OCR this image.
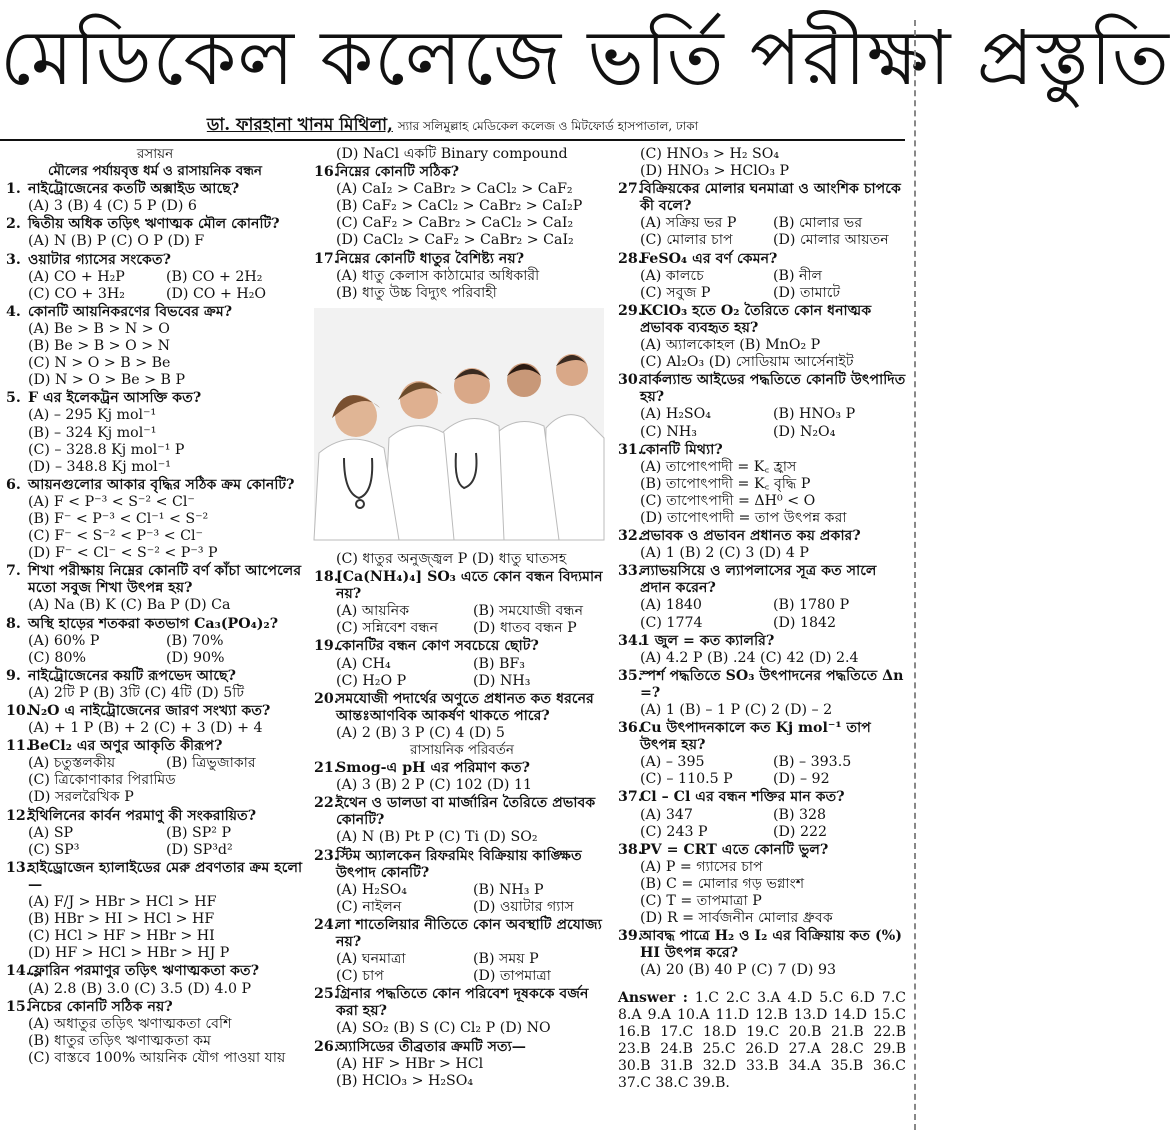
মেডিকেল কলেজে ভর্তি পরীক্ষা প্রস্তুতি
ডা. ফারহানা খানম মিথিলা, স্যার সলিমুল্লাহ মেডিকেল কলেজ ও মিটফোর্ড হাসপাতাল, ঢাকা
রসায়ন
মৌলের পর্যায়বৃত্ত ধর্ম ও রাসায়নিক বন্ধন
1. নাইট্রোজেনের কতটি অক্সাইড আছে?
(A) 3 (B) 4 (C) 5 P (D) 6
2. দ্বিতীয় অধিক তড়িৎ ঋণাত্মক মৌল কোনটি?
(A) N (B) P (C) O P (D) F
3. ওয়াটার গ্যাসের সংকেত?
(A) CO + H₂P	(B) CO + 2H₂
(C) CO + 3H₂	(D) CO + H₂O
4. কোনটি আয়নিকরণের বিভবের ক্রম?
(A) Be > B > N > O
(B) Be > B > O > N
(C) N > O > B > Be
(D) N > O > Be > B P
5. F এর ইলেকট্রন আসক্তি কত?
(A) – 295 Kj mol⁻¹
(B) – 324 Kj mol⁻¹
(C) – 328.8 Kj mol⁻¹ P
(D) – 348.8 Kj mol⁻¹
6. আয়নগুলোর আকার বৃদ্ধির সঠিক ক্রম কোনটি?
(A) F < P⁻³ < S⁻² < Cl⁻
(B) F⁻ < P⁻³ < Cl⁻¹ < S⁻²
(C) F⁻ < S⁻² < P⁻³ < Cl⁻
(D) F⁻ < Cl⁻ < S⁻² < P⁻³ P
7. শিখা পরীক্ষায় নিম্নের কোনটি বর্ণ কাঁচা আপেলের মতো সবুজ শিখা উৎপন্ন হয়?
(A) Na (B) K (C) Ba P (D) Ca
8. অস্থি হাড়ের শতকরা কতভাগ Ca₃(PO₄)₂?
(A) 60% P	(B) 70%
(C) 80%	(D) 90%
9. নাইট্রোজেনের কয়টি রূপভেদ আছে?
(A) 2টি P (B) 3টি (C) 4টি (D) 5টি
10.
N₂O এ নাইট্রোজেনের জারণ সংখ্যা কত?
(A) + 1 P (B) + 2 (C) + 3 (D) + 4
11.
BeCl₂ এর অণুর আকৃতি কীরূপ?
(A) চতুস্তলকীয়	(B) ত্রিভুজাকার
(C) ত্রিকোণাকার পিরামিড
(D) সরলরৈখিক P
12.
ইথিলিনের কার্বন পরমাণু কী সংকরায়িত?
(A) SP	(B) SP² P
(C) SP³	(D) SP³d²
13.
হাইড্রোজেন হ্যালাইডের মেরু প্রবণতার ক্রম হলো—
(A) F/J > HBr > HCl > HF
(B) HBr > HI > HCl > HF
(C) HCl > HF > HBr > HI
(D) HF > HCl > HBr > HJ P
14.
ফ্লোরিন পরমাণুর তড়িৎ ঋণাত্মকতা কত?
(A) 2.8 (B) 3.0 (C) 3.5 (D) 4.0 P
15.
নিচের কোনটি সঠিক নয়?
(A) অধাতুর তড়িৎ ঋণাত্মকতা বেশি
(B) ধাতুর তড়িৎ ঋণাত্মকতা কম
(C) বাস্তবে 100% আয়নিক যৌগ পাওয়া যায়
(D) NaCl একটি Binary compound
16.
নিম্নের কোনটি সঠিক?
(A) CaI₂ > CaBr₂ > CaCl₂ > CaF₂
(B) CaF₂ > CaCl₂ > CaBr₂ > CaI₂P
(C) CaF₂ > CaBr₂ > CaCl₂ > CaI₂
(D) CaCl₂ > CaF₂ > CaBr₂ > CaI₂
17.
নিম্নের কোনটি ধাতুর বৈশিষ্ট্য নয়?
(A) ধাতু কেলাস কাঠামোর অধিকারী
(B) ধাতু উচ্চ বিদ্যুৎ পরিবাহী
(C) ধাতুর অনুজ্জ্বল P (D) ধাতু ঘাতসহ
18.
[Ca(NH₄)₄] SO₃ এতে কোন বন্ধন বিদ্যমান নয়?
(A) আয়নিক	(B) সমযোজী বন্ধন
(C) সন্নিবেশ বন্ধন	(D) ধাতব বন্ধন P
19.
কোনটির বন্ধন কোণ সবচেয়ে ছোট?
(A) CH₄	(B) BF₃
(C) H₂O P	(D) NH₃
20.
সমযোজী পদার্থের অণুতে প্রধানত কত ধরনের আন্তঃআণবিক আকর্ষণ থাকতে পারে?
(A) 2 (B) 3 P (C) 4 (D) 5
রাসায়নিক পরিবর্তন
21.
Smog-এ pH এর পরিমাণ কত?
(A) 3 (B) 2 P (C) 102 (D) 11
22.
ইথেন ও ডালডা বা মার্জারিন তৈরিতে প্রভাবক কোনটি?
(A) N (B) Pt P (C) Ti (D) SO₂
23.
স্টিম অ্যালকেন রিফরমিং বিক্রিয়ায় কাঙ্ক্ষিত উৎপাদ কোনটি?
(A) H₂SO₄	(B) NH₃ P
(C) নাইলন	(D) ওয়াটার গ্যাস
24.
লা শাতেলিয়ার নীতিতে কোন অবস্থাটি প্রযোজ্য নয়?
(A) ঘনমাত্রা	(B) সময় P
(C) চাপ	(D) তাপমাত্রা
25.
গ্রিনার পদ্ধতিতে কোন পরিবেশ দূষককে বর্জন করা হয়?
(A) SO₂ (B) S (C) Cl₂ P (D) NO
26.
অ্যাসিডের তীব্রতার ক্রমটি সত্য—
(A) HF > HBr > HCl
(B) HClO₃ > H₂SO₄
(C) HNO₃ > H₂ SO₄
(D) HNO₃ > HClO₃ P
27.
বিক্রিয়কের মোলার ঘনমাত্রা ও আংশিক চাপকে কী বলে?
(A) সক্রিয় ভর P	(B) মোলার ভর
(C) মোলার চাপ	(D) মোলার আয়তন
28.
FeSO₄ এর বর্ণ কেমন?
(A) কালচে	(B) নীল
(C) সবুজ P	(D) তামাটে
29.
KClO₃ হতে O₂ তৈরিতে কোন ধনাত্মক প্রভাবক ব্যবহৃত হয়?
(A) অ্যালকোহল (B) MnO₂ P
(C) Al₂O₃ (D) সোডিয়াম আর্সেনাইট
30.
বার্কল্যান্ড আইডের পদ্ধতিতে কোনটি উৎপাদিত হয়?
(A) H₂SO₄	(B) HNO₃ P
(C) NH₃	(D) N₂O₄
31.
কোনটি মিথ্যা?
(A) তাপোৎপাদী = K꜀ হ্রাস
(B) তাপোৎপাদী = K꜀ বৃদ্ধি P
(C) তাপোৎপাদী = ΔH⁰ < O
(D) তাপোৎপাদী = তাপ উৎপন্ন করা
32.
প্রভাবক ও প্রভাবন প্রধানত কয় প্রকার?
(A) 1 (B) 2 (C) 3 (D) 4 P
33.
ল্যাভয়সিয়ে ও ল্যাপলাসের সূত্র কত সালে প্রদান করেন?
(A) 1840	(B) 1780 P
(C) 1774	(D) 1842
34.
1 জুল = কত ক্যালরি?
(A) 4.2 P (B) .24 (C) 42 (D) 2.4
35.
স্পর্শ পদ্ধতিতে SO₃ উৎপাদনের পদ্ধতিতে Δn =?
(A) 1 (B) – 1 P (C) 2 (D) – 2
36.
Cu উৎপাদনকালে কত Kj mol⁻¹ তাপ উৎপন্ন হয়?
(A) – 395	(B) – 393.5
(C) – 110.5 P	(D) – 92
37.
Cl – Cl এর বন্ধন শক্তির মান কত?
(A) 347	(B) 328
(C) 243 P	(D) 222
38.
PV = CRT এতে কোনটি ভুল?
(A) P = গ্যাসের চাপ
(B) C = মোলার গড় ভগ্নাংশ
(C) T = তাপমাত্রা P
(D) R = সার্বজনীন মোলার ধ্রুবক
39.
আবদ্ধ পাত্রে H₂ ও I₂ এর বিক্রিয়ায় কত (%) HI উৎপন্ন করে?
(A) 20 (B) 40 P (C) 7 (D) 93
Answer : 1.C 2.C 3.A 4.D 5.C 6.D 7.C 8.A 9.A 10.A 11.D 12.B 13.D 14.D 15.C 16.B 17.C 18.D 19.C 20.B 21.B 22.B 23.B 24.B 25.C 26.D 27.A 28.C 29.B 30.B 31.B 32.D 33.B 34.A 35.B 36.C 37.C 38.C 39.B.
